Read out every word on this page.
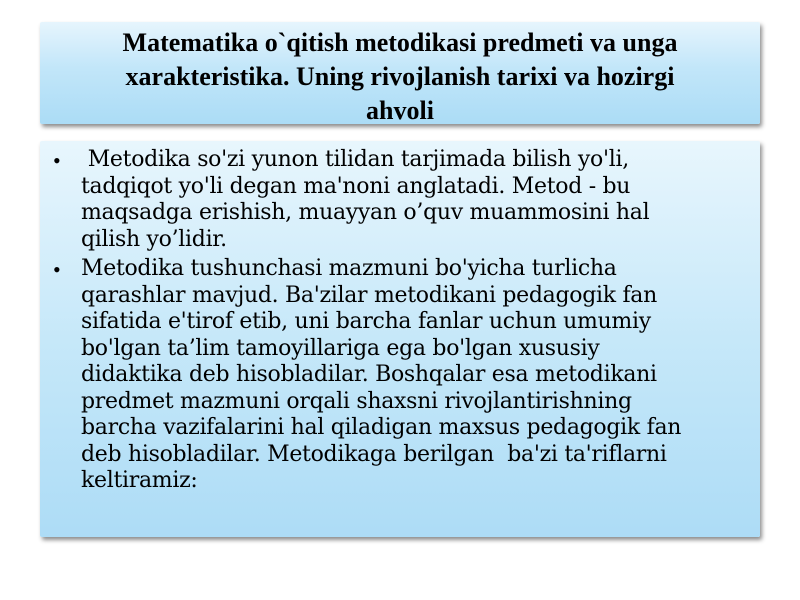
Matematika o`qitish metodikasi predmeti va unga
xarakteristika. Uning rivojlanish tarixi va hozirgi
ahvoli
• Metodika so'zi yunon tilidan tarjimada bilish yo'li,
tadqiqot yo'li degan ma'noni anglatadi. Metod - bu
maqsadga erishish, muayyan o’quv muammosini hal
qilish yo’lidir.
• Metodika tushunchasi mazmuni bo'yicha turlicha
qarashlar mavjud. Ba'zilar metodikani pedagogik fan
sifatida e'tirof etib, uni barcha fanlar uchun umumiy
bo'lgan ta’lim tamoyillariga ega bo'lgan xususiy
didaktika deb hisobladilar. Boshqalar esa metodikani
predmet mazmuni orqali shaxsni rivojlantirishning
barcha vazifalarini hal qiladigan maxsus pedagogik fan
deb hisobladilar. Metodikaga berilgan  ba'zi ta'riflarni
keltiramiz:
